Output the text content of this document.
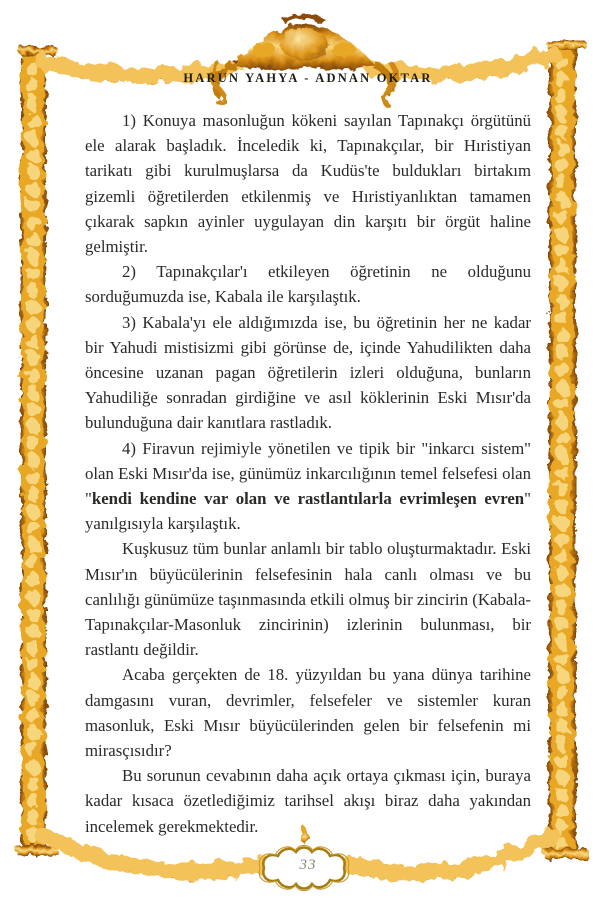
HARUN YAHYA - ADNAN OKTAR

1) Konuya masonluğun kökeni sayılan Tapınakçı örgütünü ele alarak başladık. İnceledik ki, Tapınakçılar, bir Hıristiyan tarikatı gibi kurulmuşlarsa da Kudüs'te buldukları birtakım gizemli öğretilerden etkilenmiş ve Hıristiyanlıktan tamamen çıkarak sapkın ayinler uygulayan din karşıtı bir örgüt haline gelmiştir.

2) Tapınakçılar'ı etkileyen öğretinin ne olduğunu sorduğumuzda ise, Kabala ile karşılaştık.

3) Kabala'yı ele aldığımızda ise, bu öğretinin her ne kadar bir Yahudi mistisizmi gibi görünse de, içinde Yahudilikten daha öncesine uzanan pagan öğretilerin izleri olduğuna, bunların Yahudiliğe sonradan girdiğine ve asıl köklerinin Eski Mısır'da bulunduğuna dair kanıtlara rastladık.

4) Firavun rejimiyle yönetilen ve tipik bir "inkarcı sistem" olan Eski Mısır'da ise, günümüz inkarcılığının temel felsefesi olan "kendi kendine var olan ve rastlantılarla evrimleşen evren" yanılgısıyla karşılaştık.

Kuşkusuz tüm bunlar anlamlı bir tablo oluşturmaktadır. Eski Mısır'ın büyücülerinin felsefesinin hala canlı olması ve bu canlılığı günümüze taşınmasında etkili olmuş bir zincirin (Kabala-Tapınakçılar-Masonluk zincirinin) izlerinin bulunması, bir rastlantı değildir.

Acaba gerçekten de 18. yüzyıldan bu yana dünya tarihine damgasını vuran, devrimler, felsefeler ve sistemler kuran masonluk, Eski Mısır büyücülerinden gelen bir felsefenin mi mirasçısıdır?

Bu sorunun cevabının daha açık ortaya çıkması için, buraya kadar kısaca özetlediğimiz tarihsel akışı biraz daha yakından incelemek gerekmektedir.

33
